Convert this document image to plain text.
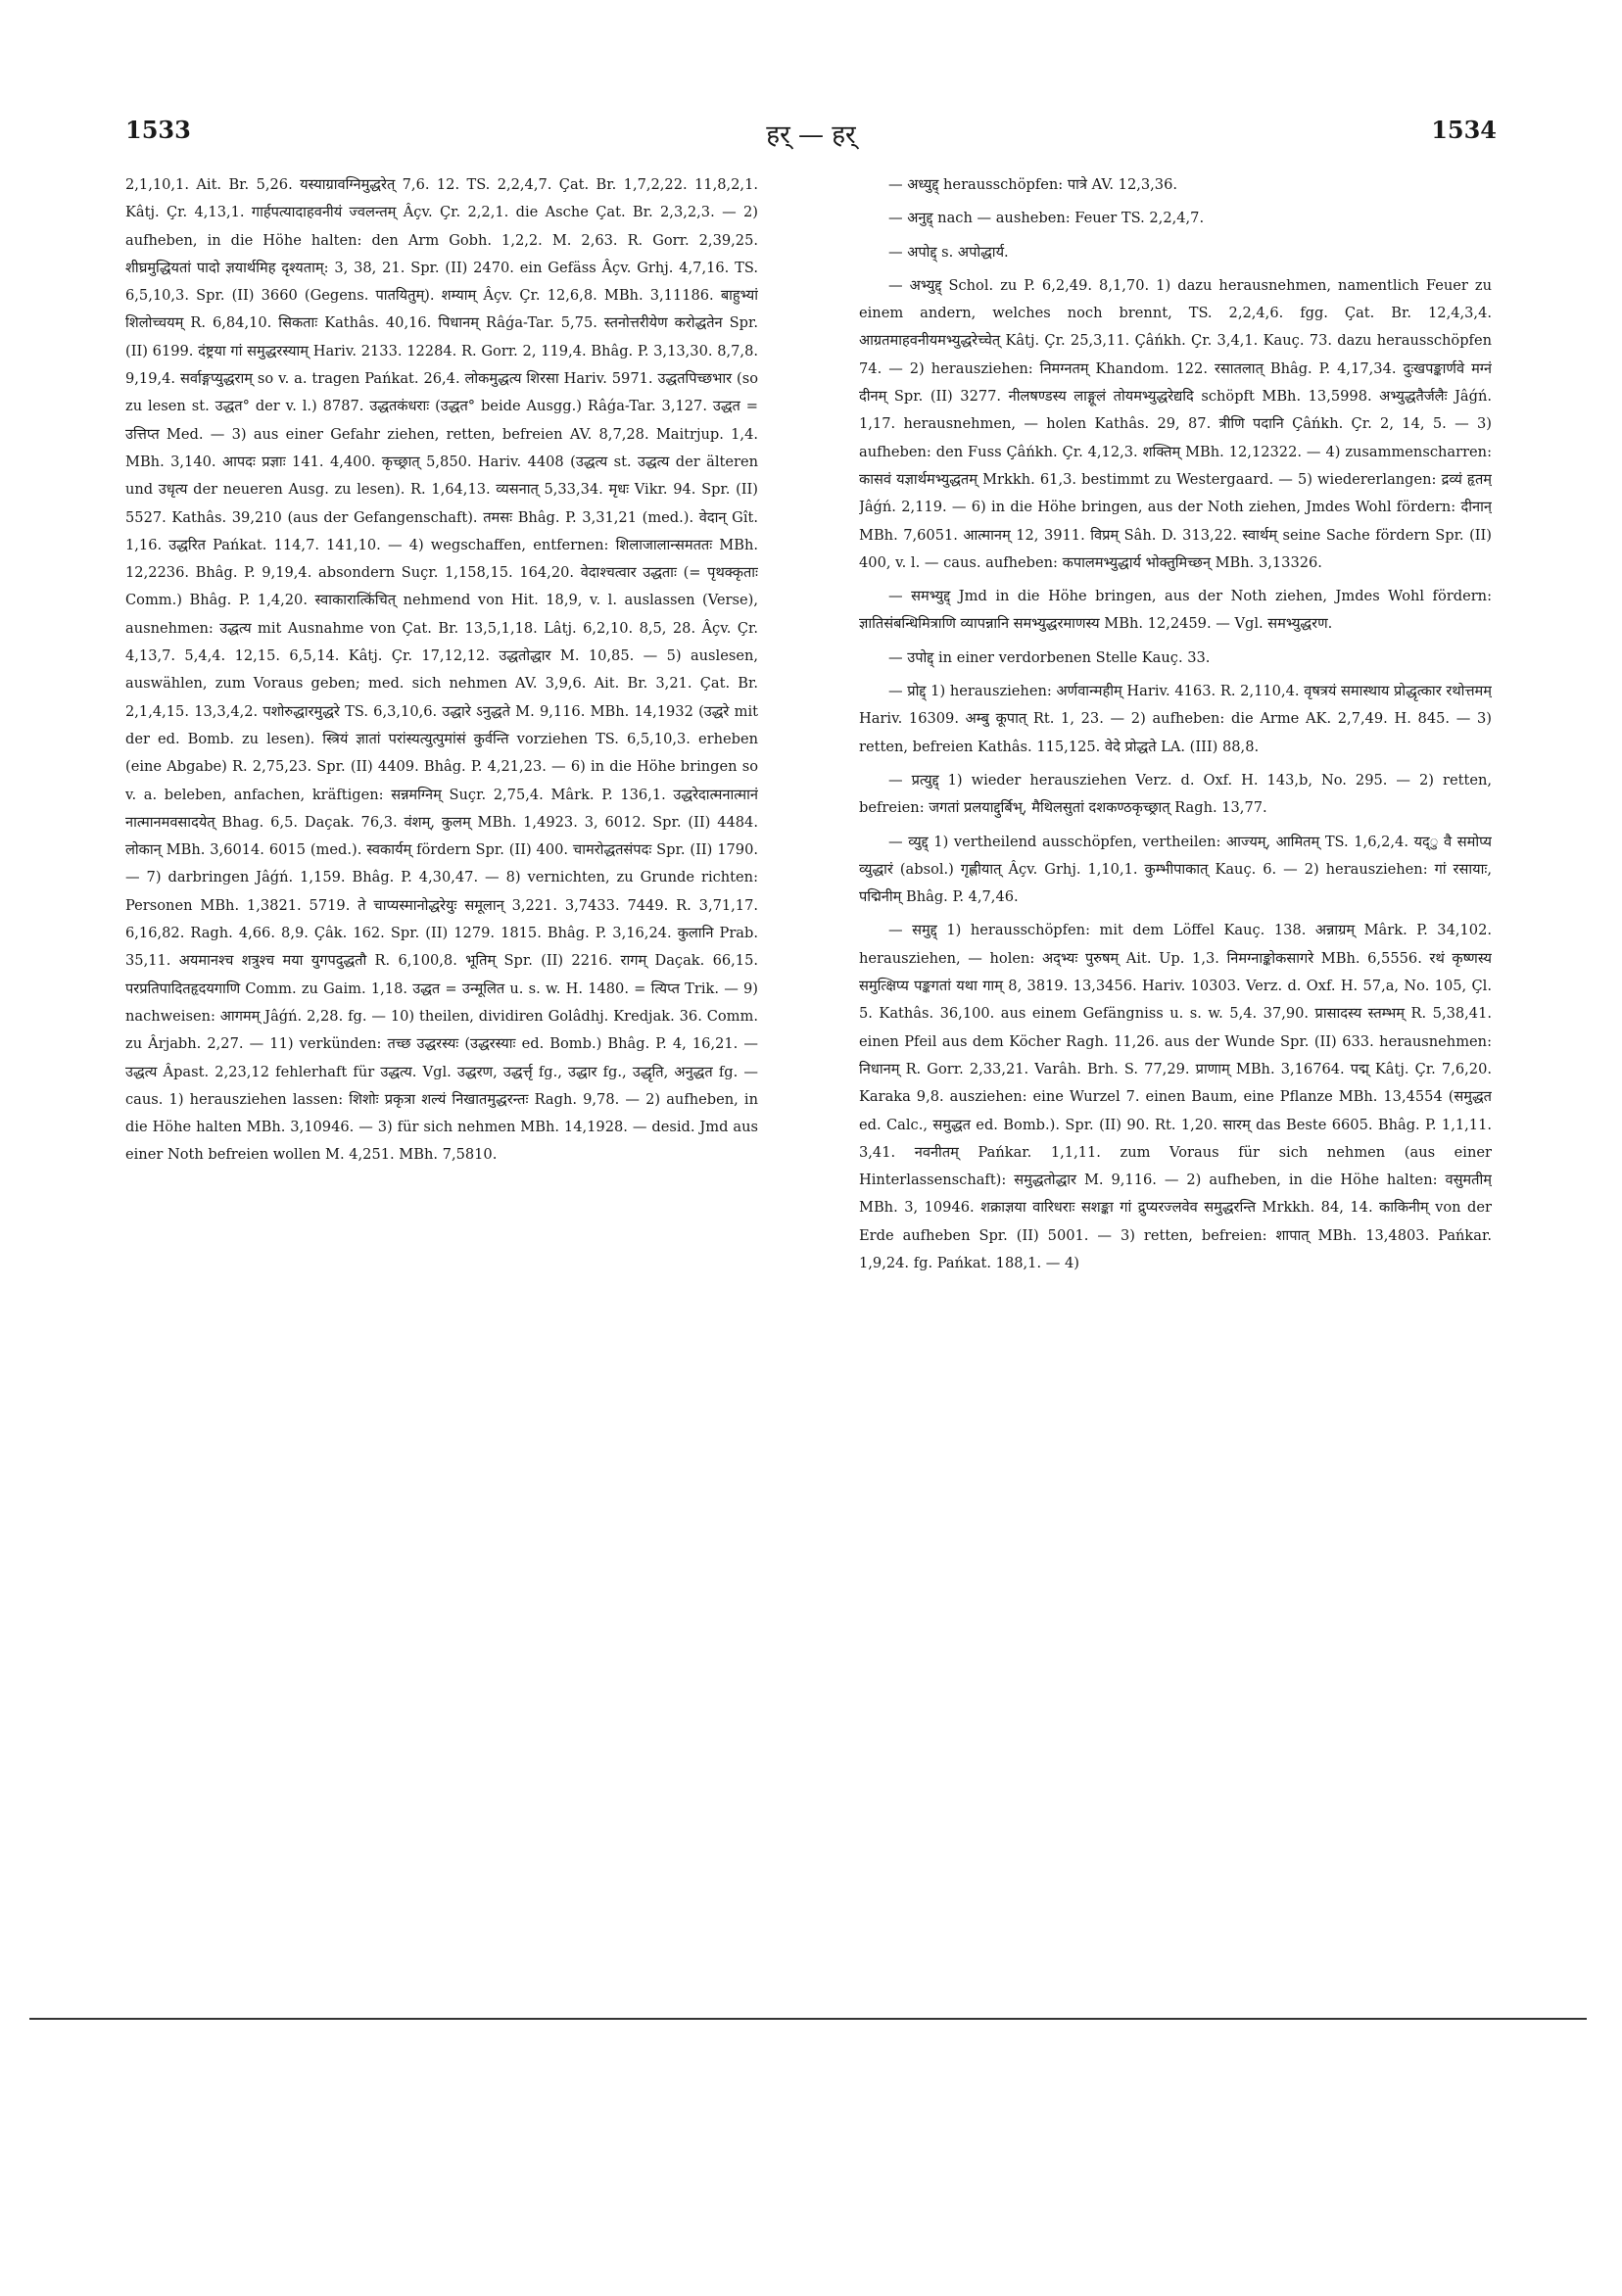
1533	हर् — हर्	1534

2,1,10,1. Ait. Br. 5,26. यस्याग्रावग्निमुद्धरेत् 7,6. 12. TS. 2,2,4,7. Çat. Br. 1,7,2,22. 11,8,2,1. Kâtj. Çr. 4,13,1. गार्हपत्यादाहवनीयं ज्वलन्तम् Âçv. Çr. 2,2,1. die Asche Çat. Br. 2,3,2,3. — 2) aufheben, in die Höhe halten: den Arm Gobh. 1,2,2. M. 2,63. R. Gorr. 2,39,25. शीघ्रमुद्धियतां पादो ज्ञयार्थमिह दृश्यताम्: 3, 38, 21. Spr. (II) 2470. ein Gefäss Âçv. Grhj. 4,7,16. TS. 6,5,10,3. Spr. (II) 3660 (Gegens. पातयितुम्). शम्याम् Âçv. Çr. 12,6,8. MBh. 3,11186. बाहुभ्यां शिलोच्चयम् R. 6,84,10. सिकताः Kathâs. 40,16. पिधानम् Râǵa-Tar. 5,75. स्तनोत्तरीयेण करोद्धतेन Spr. (II) 6199. दंष्ट्रया गां समुद्धरस्याम् Hariv. 2133. 12284. R. Gorr. 2, 119,4. Bhâg. P. 3,13,30. 8,7,8. 9,19,4. सर्वाङ्गप्युद्धराम् so v. a. tragen Pańkat. 26,4. लोकमुद्धत्य शिरसा Hariv. 5971. उद्धतपिच्छभार (so zu lesen st. उद्धत° der v. l.) 8787. उद्धतकंधराः (उद्धत° beide Ausgg.) Râǵa-Tar. 3,127. उद्धत = उत्तिप्त Med. — 3) aus einer Gefahr ziehen, retten, befreien AV. 8,7,28. Maitrjup. 1,4. MBh. 3,140. आपदः प्रज्ञाः 141. 4,400. कृच्छ्रात् 5,850. Hariv. 4408 (उद्धत्य st. उद्धत्य der älteren und उधृत्य der neueren Ausg. zu lesen). R. 1,64,13. व्यसनात् 5,33,34. मृधः Vikr. 94. Spr. (II) 5527. Kathâs. 39,210 (aus der Gefangenschaft). तमसः Bhâg. P. 3,31,21 (med.). वेदान् Gît. 1,16. उद्धरित Pańkat. 114,7. 141,10. — 4) wegschaffen, entfernen: शिलाजालान्समततः MBh. 12,2236. Bhâg. P. 9,19,4. absondern Suçr. 1,158,15. 164,20. वेदाश्चत्वार उद्धताः (= पृथक्कृताः Comm.) Bhâg. P. 1,4,20. स्वाकारात्किंचित् nehmend von Hit. 18,9, v. l. auslassen (Verse), ausnehmen: उद्धत्य mit Ausnahme von Çat. Br. 13,5,1,18. Lâtj. 6,2,10. 8,5, 28. Âçv. Çr. 4,13,7. 5,4,4. 12,15. 6,5,14. Kâtj. Çr. 17,12,12. उद्धतोद्धार M. 10,85. — 5) auslesen, auswählen, zum Voraus geben; med. sich nehmen AV. 3,9,6. Ait. Br. 3,21. Çat. Br. 2,1,4,15. 13,3,4,2. पशोरुद्धारमुद्धरे TS. 6,3,10,6. उद्धारे ऽनुद्धते M. 9,116. MBh. 14,1932 (उद्धरे mit der ed. Bomb. zu lesen). स्त्रियं ज्ञातां परांस्यत्युत्पुमांसं कुर्वन्ति vorziehen TS. 6,5,10,3. erheben (eine Abgabe) R. 2,75,23. Spr. (II) 4409. Bhâg. P. 4,21,23. — 6) in die Höhe bringen so v. a. beleben, anfachen, kräftigen: सन्नमग्निम् Suçr. 2,75,4. Mârk. P. 136,1. उद्धरेदात्मनात्मानं नात्मानमवसादयेत् Bhag. 6,5. Daçak. 76,3. वंशम्, कुलम् MBh. 1,4923. 3, 6012. Spr. (II) 4484. लोकान् MBh. 3,6014. 6015 (med.). स्वकार्यम् fördern Spr. (II) 400. चामरोद्धतसंपदः Spr. (II) 1790. — 7) darbringen Jâǵń. 1,159. Bhâg. P. 4,30,47. — 8) vernichten, zu Grunde richten: Personen MBh. 1,3821. 5719. ते चाप्यस्मानोद्धरेयुः समूलान् 3,221. 3,7433. 7449. R. 3,71,17. 6,16,82. Ragh. 4,66. 8,9. Çâk. 162. Spr. (II) 1279. 1815. Bhâg. P. 3,16,24. कुलानि Prab. 35,11. अयमानश्च शत्रुश्च मया युगपदुद्धतौ R. 6,100,8. भूतिम् Spr. (II) 2216. रागम् Daçak. 66,15. परप्रतिपादितहृदयगाणि Comm. zu Gaim. 1,18. उद्धत = उन्मूलित u. s. w. H. 1480. = त्यिप्त Trik. — 9) nachweisen: आगमम् Jâǵń. 2,28. fg. — 10) theilen, dividiren Golâdhj. Kredjak. 36. Comm. zu Ârjabh. 2,27. — 11) verkünden: तच्छ उद्धरस्यः (उद्धरस्याः ed. Bomb.) Bhâg. P. 4, 16,21. — उद्धत्य Âpast. 2,23,12 fehlerhaft für उद्धत्य. Vgl. उद्धरण, उद्धर्त्तृ fg., उद्धार fg., उद्धृति, अनुद्धत fg. — caus. 1) herausziehen lassen: शिशोः प्रकृत्रा शल्यं निखातमुद्धरन्तः Ragh. 9,78. — 2) aufheben, in die Höhe halten MBh. 3,10946. — 3) für sich nehmen MBh. 14,1928. — desid. Jmd aus einer Noth befreien wollen M. 4,251. MBh. 7,5810.

— अध्युद्द् herausschöpfen: पात्रे AV. 12,3,36.

— अनुद्द् nach — ausheben: Feuer TS. 2,2,4,7.

— अपोद्द् s. अपोद्धार्य.

— अभ्युद्द् Schol. zu P. 6,2,49. 8,1,70. 1) dazu herausnehmen, namentlich Feuer zu einem andern, welches noch brennt, TS. 2,2,4,6. fgg. Çat. Br. 12,4,3,4. आग्रतमाहवनीयमभ्युद्धरेच्चेत् Kâtj. Çr. 25,3,11. Çâńkh. Çr. 3,4,1. Kauç. 73. dazu herausschöpfen 74. — 2) herausziehen: निमग्नतम् Khandom. 122. रसातलात् Bhâg. P. 4,17,34. दुःखपङ्कार्णवे मग्नं दीनम् Spr. (II) 3277. नीलषण्डस्य लाङ्गूलं तोयमभ्युद्धरेद्यदि schöpft MBh. 13,5998. अभ्युद्धतैर्जलैः Jâǵń. 1,17. herausnehmen, — holen Kathâs. 29, 87. त्रीणि पदानि Çâńkh. Çr. 2, 14, 5. — 3) aufheben: den Fuss Çâńkh. Çr. 4,12,3. शक्तिम् MBh. 12,12322. — 4) zusammenscharren: कासवं यज्ञार्थमभ्युद्धतम् Mrkkh. 61,3. bestimmt zu Westergaard. — 5) wiedererlangen: द्रव्यं हृतम् Jâǵń. 2,119. — 6) in die Höhe bringen, aus der Noth ziehen, Jmdes Wohl fördern: दीनान् MBh. 7,6051. आत्मानम् 12, 3911. विप्रम् Sâh. D. 313,22. स्वार्थम् seine Sache fördern Spr. (II) 400, v. l. — caus. aufheben: कपालमभ्युद्धार्य भोक्तुमिच्छन् MBh. 3,13326.

— समभ्युद्द् Jmd in die Höhe bringen, aus der Noth ziehen, Jmdes Wohl fördern: ज्ञातिसंबन्धिमित्राणि व्यापन्नानि समभ्युद्धरमाणस्य MBh. 12,2459. — Vgl. समभ्युद्धरण.

— उपोद्द् in einer verdorbenen Stelle Kauç. 33.

— प्रोद्द् 1) herausziehen: अर्णवान्महीम् Hariv. 4163. R. 2,110,4. वृषत्रयं समास्थाय प्रोद्धृत्कार रथोत्तमम् Hariv. 16309. अम्बु कूपात् Rt. 1, 23. — 2) aufheben: die Arme AK. 2,7,49. H. 845. — 3) retten, befreien Kathâs. 115,125. वेदे प्रोद्धते LA. (III) 88,8.

— प्रत्युद्द् 1) wieder herausziehen Verz. d. Oxf. H. 143,b, No. 295. — 2) retten, befreien: जगतां प्रलयाद्दुर्बिभ्, मैथिलसुतां दशकण्ठकृच्छ्रात् Ragh. 13,77.

— व्युद्द् 1) vertheilend ausschöpfen, vertheilen: आज्यम्, आमितम् TS. 1,6,2,4. यद्ु वै समोप्य व्युद्धारं (absol.) गृह्णीयात् Âçv. Grhj. 1,10,1. कुम्भीपाकात् Kauç. 6. — 2) herausziehen: गां रसायाः, पद्मिनीम् Bhâg. P. 4,7,46.

— समुद्द् 1) herausschöpfen: mit dem Löffel Kauç. 138. अन्नाग्रम् Mârk. P. 34,102. herausziehen, — holen: अद्भ्यः पुरुषम् Ait. Up. 1,3. निमग्नाङ्कोकसागरे MBh. 6,5556. रथं कृष्णस्य समुत्क्षिप्य पङ्कगतां यथा गाम् 8, 3819. 13,3456. Hariv. 10303. Verz. d. Oxf. H. 57,a, No. 105, Çl. 5. Kathâs. 36,100. aus einem Gefängniss u. s. w. 5,4. 37,90. प्रासादस्य स्तम्भम् R. 5,38,41. einen Pfeil aus dem Köcher Ragh. 11,26. aus der Wunde Spr. (II) 633. herausnehmen: निधानम् R. Gorr. 2,33,21. Varâh. Brh. S. 77,29. प्राणाम् MBh. 3,16764. पद्म् Kâtj. Çr. 7,6,20. Karaka 9,8. ausziehen: eine Wurzel 7. einen Baum, eine Pflanze MBh. 13,4554 (समुद्धत ed. Calc., समुद्धत ed. Bomb.). Spr. (II) 90. Rt. 1,20. सारम् das Beste 6605. Bhâg. P. 1,1,11. 3,41. नवनीतम् Pańkar. 1,1,11. zum Voraus für sich nehmen (aus einer Hinterlassenschaft): समुद्धतोद्धार M. 9,116. — 2) aufheben, in die Höhe halten: वसुमतीम् MBh. 3, 10946. शक्राज्ञया वारिधराः सशङ्का गां द्रुप्यरज्लवेव समुद्धरन्ति Mrkkh. 84, 14. काकिनीम् von der Erde aufheben Spr. (II) 5001. — 3) retten, befreien: शापात् MBh. 13,4803. Pańkar. 1,9,24. fg. Pańkat. 188,1. — 4)
